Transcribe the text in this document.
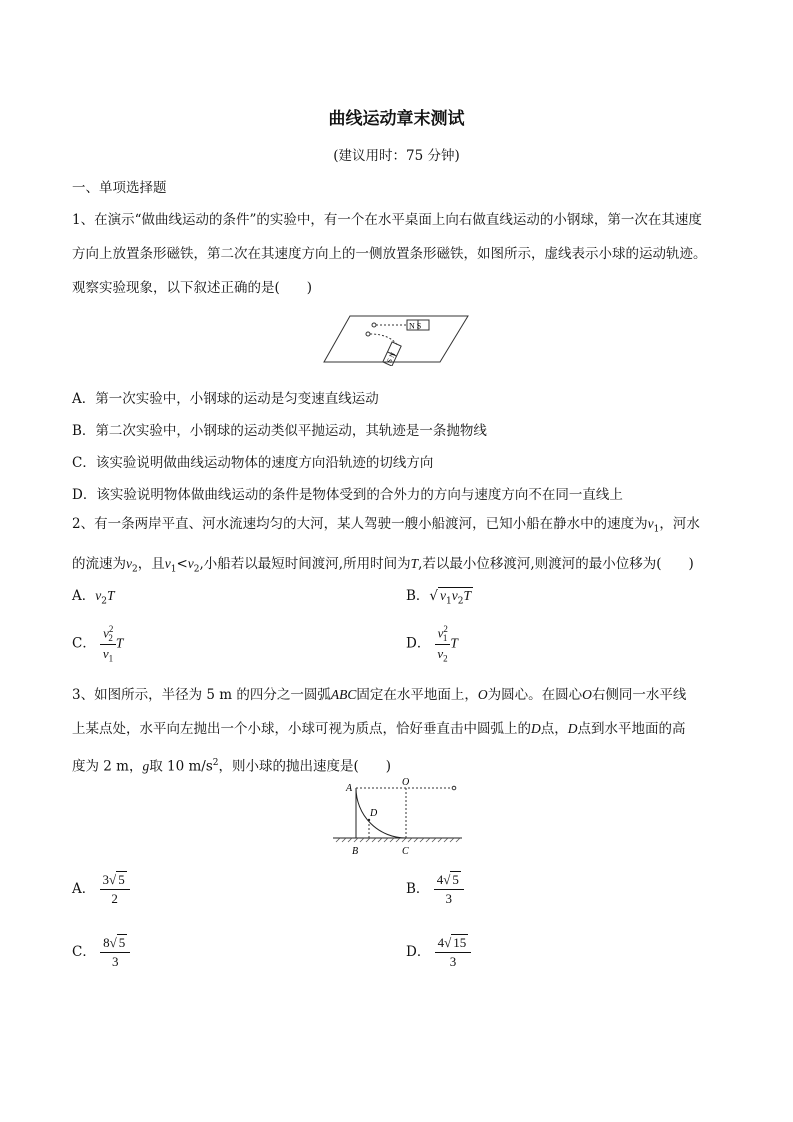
曲线运动章末测试
(建议用时：75 分钟)
一、单项选择题
1、在演示“做曲线运动的条件”的实验中，有一个在水平桌面上向右做直线运动的小钢球，第一次在其速度
方向上放置条形磁铁，第二次在其速度方向上的一侧放置条形磁铁，如图所示，虚线表示小球的运动轨迹。
观察实验现象，以下叙述正确的是(　　)
N S
S N
A．第一次实验中，小钢球的运动是匀变速直线运动
B．第二次实验中，小钢球的运动类似平抛运动，其轨迹是一条抛物线
C．该实验说明做曲线运动物体的速度方向沿轨迹的切线方向
D．该实验说明物体做曲线运动的条件是物体受到的合外力的方向与速度方向不在同一直线上
2、有一条两岸平直、河水流速均匀的大河，某人驾驶一艘小船渡河，已知小船在静水中的速度为$v_1$，河水
的流速为$v_2$，且$v_1<v_2$,小船若以最短时间渡河,所用时间为T,若以最小位移渡河,则渡河的最小位移为(　　)
A．$v_2T$	B．√ $v_1v_2T$
C． $\frac{v^2_2}{v_1}$ T	D． $\frac{v^2_1}{v_2}$ T
3、如图所示，半径为 5 m 的四分之一圆弧ABC固定在水平地面上，O为圆心。在圆心O右侧同一水平线
上某点处，水平向左抛出一个小球，小球可视为质点，恰好垂直击中圆弧上的D点，D点到水平地面的高
度为 2 m，g取 10 $m/s^2$，则小球的抛出速度是(　　)
A
O
D
B	C
A． $\frac{3√ 5}{2}$	B． $\frac{4√ 5}{3}$
C． $\frac{8√ 5}{3}$	D． $\frac{4√ 15}{3}$
